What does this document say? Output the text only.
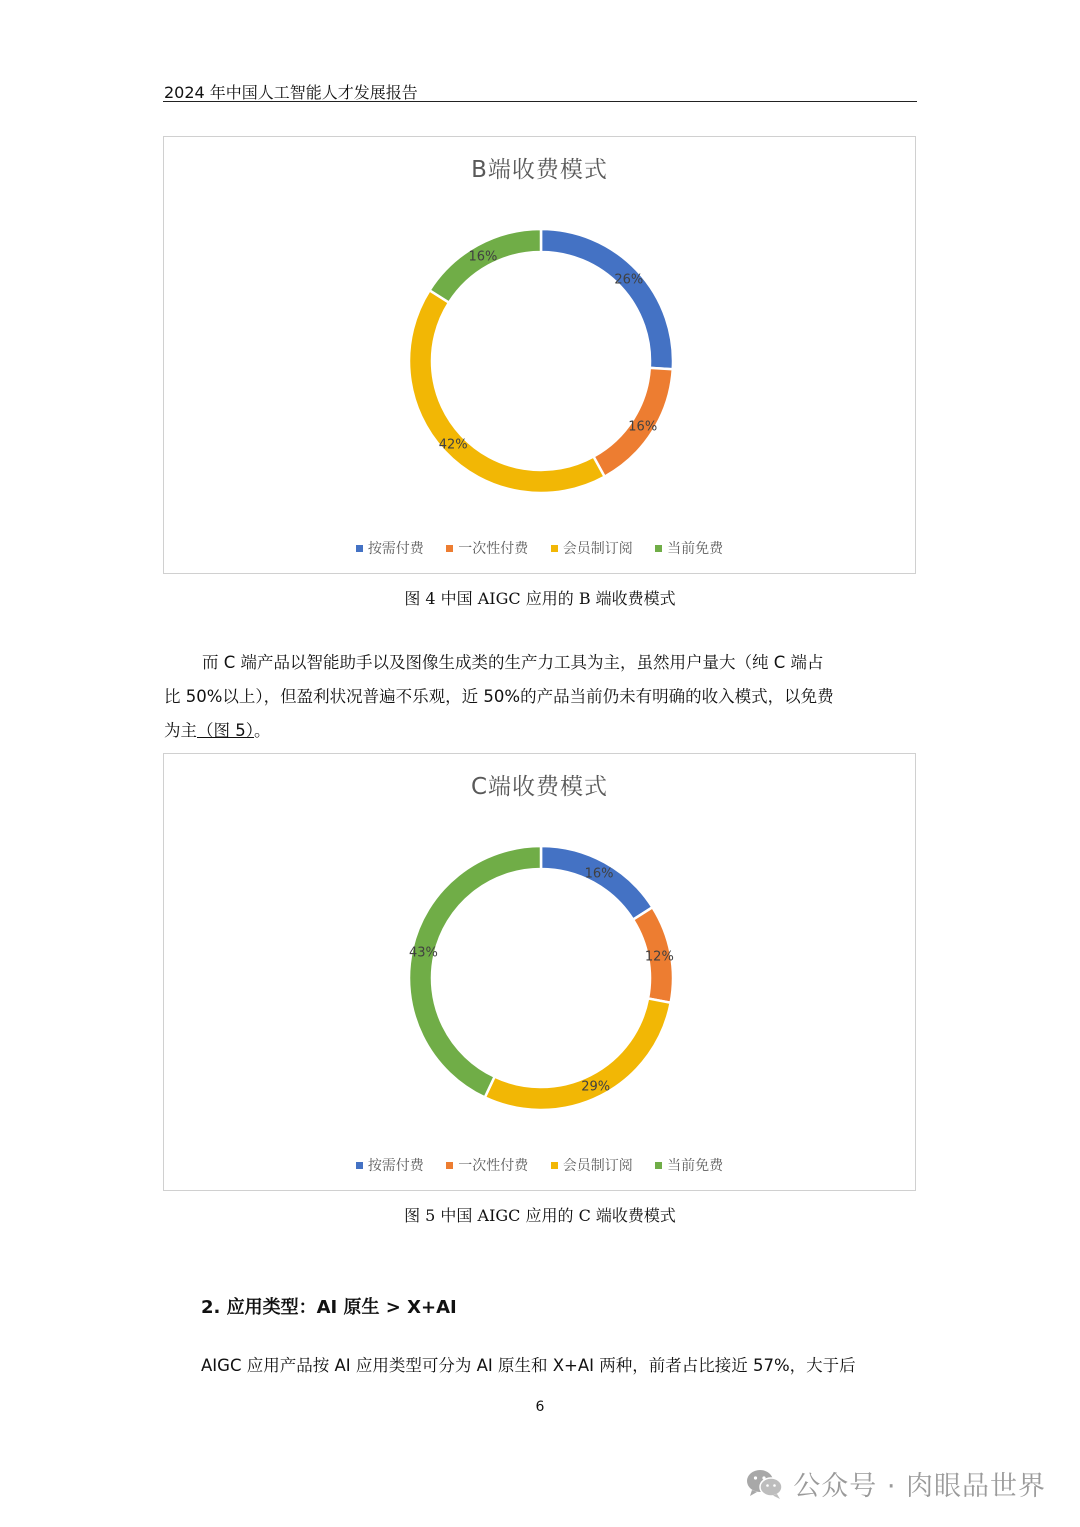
2024 年中国人工智能人才发展报告
B端收费模式
26%
16%
42%
16%
按需付费 一次性付费 会员制订阅 当前免费
图 4 中国 AIGC 应用的 B 端收费模式
而 C 端产品以智能助手以及图像生成类的生产力工具为主，虽然用户量大（纯 C 端占
比 50%以上），但盈利状况普遍不乐观，近 50%的产品当前仍未有明确的收入模式，以免费
为主（图 5）。
C端收费模式
16%
12%
29%
43%
按需付费 一次性付费 会员制订阅 当前免费
图 5 中国 AIGC 应用的 C 端收费模式
2. 应用类型：AI 原生 > X+AI
AIGC 应用产品按 AI 应用类型可分为 AI 原生和 X+AI 两种，前者占比接近 57%，大于后
6
公众号 · 肉眼品世界
